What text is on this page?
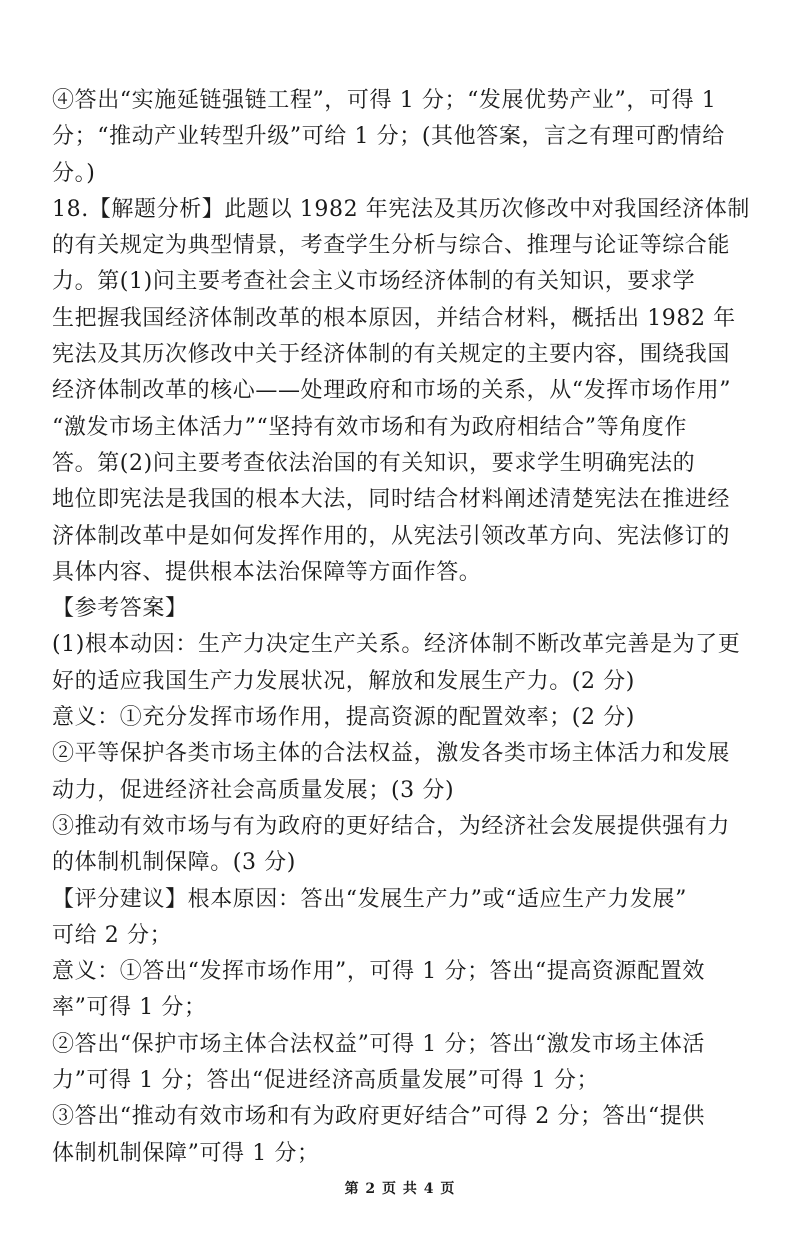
④答出“实施延链强链工程”，可得 1 分；“发展优势产业”，可得 1
分；“推动产业转型升级”可给 1 分；(其他答案，言之有理可酌情给
分。)
18.【解题分析】此题以 1982 年宪法及其历次修改中对我国经济体制
的有关规定为典型情景，考查学生分析与综合、推理与论证等综合能
力。第(1)问主要考查社会主义市场经济体制的有关知识，要求学
生把握我国经济体制改革的根本原因，并结合材料，概括出 1982 年
宪法及其历次修改中关于经济体制的有关规定的主要内容，围绕我国
经济体制改革的核心——处理政府和市场的关系，从“发挥市场作用”
“激发市场主体活力”“坚持有效市场和有为政府相结合”等角度作
答。第(2)问主要考查依法治国的有关知识，要求学生明确宪法的
地位即宪法是我国的根本大法，同时结合材料阐述清楚宪法在推进经
济体制改革中是如何发挥作用的，从宪法引领改革方向、宪法修订的
具体内容、提供根本法治保障等方面作答。
【参考答案】
(1)根本动因：生产力决定生产关系。经济体制不断改革完善是为了更
好的适应我国生产力发展状况，解放和发展生产力。(2 分)
意义：①充分发挥市场作用，提高资源的配置效率；(2 分)
②平等保护各类市场主体的合法权益，激发各类市场主体活力和发展
动力，促进经济社会高质量发展；(3 分)
③推动有效市场与有为政府的更好结合，为经济社会发展提供强有力
的体制机制保障。(3 分)
【评分建议】根本原因：答出“发展生产力”或“适应生产力发展”
可给 2 分；
意义：①答出“发挥市场作用”，可得 1 分；答出“提高资源配置效
率”可得 1 分；
②答出“保护市场主体合法权益”可得 1 分；答出“激发市场主体活
力”可得 1 分；答出“促进经济高质量发展”可得 1 分；
③答出“推动有效市场和有为政府更好结合”可得 2 分；答出“提供
体制机制保障”可得 1 分；
第 2 页 共 4 页
